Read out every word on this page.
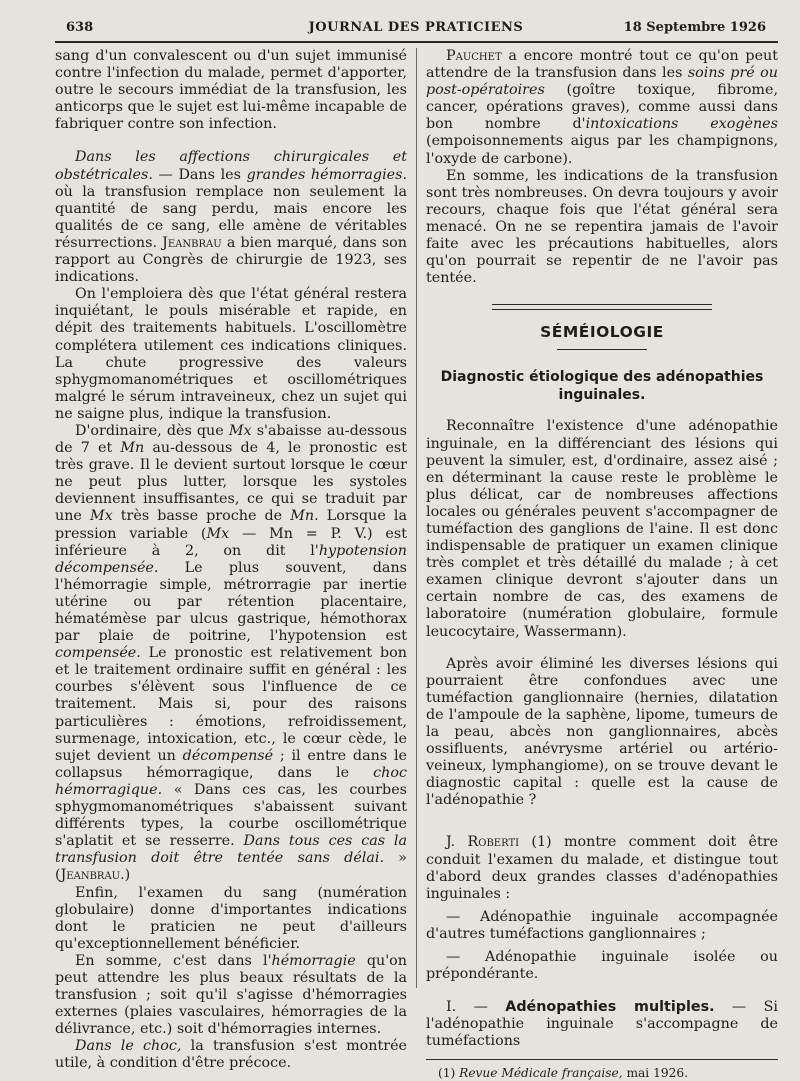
638	JOURNAL DES PRATICIENS	18 Septembre 1926

sang d'un convalescent ou d'un sujet immunisé contre l'infection du malade, permet d'apporter, outre le secours immédiat de la transfusion, les anticorps que le sujet est lui-même incapable de fabriquer contre son infection.

Dans les affections chirurgicales et obstétricales. — Dans les grandes hémorragies. où la transfusion remplace non seulement la quantité de sang perdu, mais encore les qualités de ce sang, elle amène de véritables résurrections. Jeanbrau a bien marqué, dans son rapport au Congrès de chirurgie de 1923, ses indications.

On l'emploiera dès que l'état général restera inquiétant, le pouls misérable et rapide, en dépit des traitements habituels. L'oscillomètre complétera utilement ces indications cliniques. La chute progressive des valeurs sphygmomanométriques et oscillométriques malgré le sérum intraveineux, chez un sujet qui ne saigne plus, indique la transfusion.

D'ordinaire, dès que Mx s'abaisse au-dessous de 7 et Mn au-dessous de 4, le pronostic est très grave. Il le devient surtout lorsque le cœur ne peut plus lutter, lorsque les systoles deviennent insuffisantes, ce qui se traduit par une Mx très basse proche de Mn. Lorsque la pression variable (Mx — Mn = P. V.) est inférieure à 2, on dit l'hypotension décompensée. Le plus souvent, dans l'hémorragie simple, métrorragie par inertie utérine ou par rétention placentaire, hématémèse par ulcus gastrique, hémothorax par plaie de poitrine, l'hypotension est compensée. Le pronostic est relativement bon et le traitement ordinaire suffit en général : les courbes s'élèvent sous l'influence de ce traitement. Mais si, pour des raisons particulières : émotions, refroidissement, surmenage, intoxication, etc., le cœur cède, le sujet devient un décompensé ; il entre dans le collapsus hémorragique, dans le choc hémorragique. « Dans ces cas, les courbes sphygmomanométriques s'abaissent suivant différents types, la courbe oscillométrique s'aplatit et se resserre. Dans tous ces cas la transfusion doit être tentée sans délai. » (Jeanbrau.)

Enfin, l'examen du sang (numération globulaire) donne d'importantes indications dont le praticien ne peut d'ailleurs qu'exceptionnellement bénéficier.

En somme, c'est dans l'hémorragie qu'on peut attendre les plus beaux résultats de la transfusion ; soit qu'il s'agisse d'hémorragies externes (plaies vasculaires, hémorragies de la délivrance, etc.) soit d'hémorragies internes.

Dans le choc, la transfusion s'est montrée utile, à condition d'être précoce.

Pauchet a encore montré tout ce qu'on peut attendre de la transfusion dans les soins pré ou post-opératoires (goître toxique, fibrome, cancer, opérations graves), comme aussi dans bon nombre d'intoxications exogènes (empoisonnements aigus par les champignons, l'oxyde de carbone).

En somme, les indications de la transfusion sont très nombreuses. On devra toujours y avoir recours, chaque fois que l'état général sera menacé. On ne se repentira jamais de l'avoir faite avec les précautions habituelles, alors qu'on pourrait se repentir de ne l'avoir pas tentée.

SÉMÉIOLOGIE
Diagnostic étiologique des adénopathies inguinales.

Reconnaître l'existence d'une adénopathie inguinale, en la différenciant des lésions qui peuvent la simuler, est, d'ordinaire, assez aisé ; en déterminant la cause reste le problème le plus délicat, car de nombreuses affections locales ou générales peuvent s'accompagner de tuméfaction des ganglions de l'aine. Il est donc indispensable de pratiquer un examen clinique très complet et très détaillé du malade ; à cet examen clinique devront s'ajouter dans un certain nombre de cas, des examens de laboratoire (numération globulaire, formule leucocytaire, Wassermann).

Après avoir éliminé les diverses lésions qui pourraient être confondues avec une tuméfaction ganglionnaire (hernies, dilatation de l'ampoule de la saphène, lipome, tumeurs de la peau, abcès non ganglionnaires, abcès ossifluents, anévrysme artériel ou artério-veineux, lymphangiome), on se trouve devant le diagnostic capital : quelle est la cause de l'adénopathie ?

J. Roberti (1) montre comment doit être conduit l'examen du malade, et distingue tout d'abord deux grandes classes d'adénopathies inguinales :

— Adénopathie inguinale accompagnée d'autres tuméfactions ganglionnaires ;

— Adénopathie inguinale isolée ou prépondérante.

I. — Adénopathies multiples. — Si l'adénopathie inguinale s'accompagne de tuméfactions

(1) Revue Médicale française, mai 1926.
